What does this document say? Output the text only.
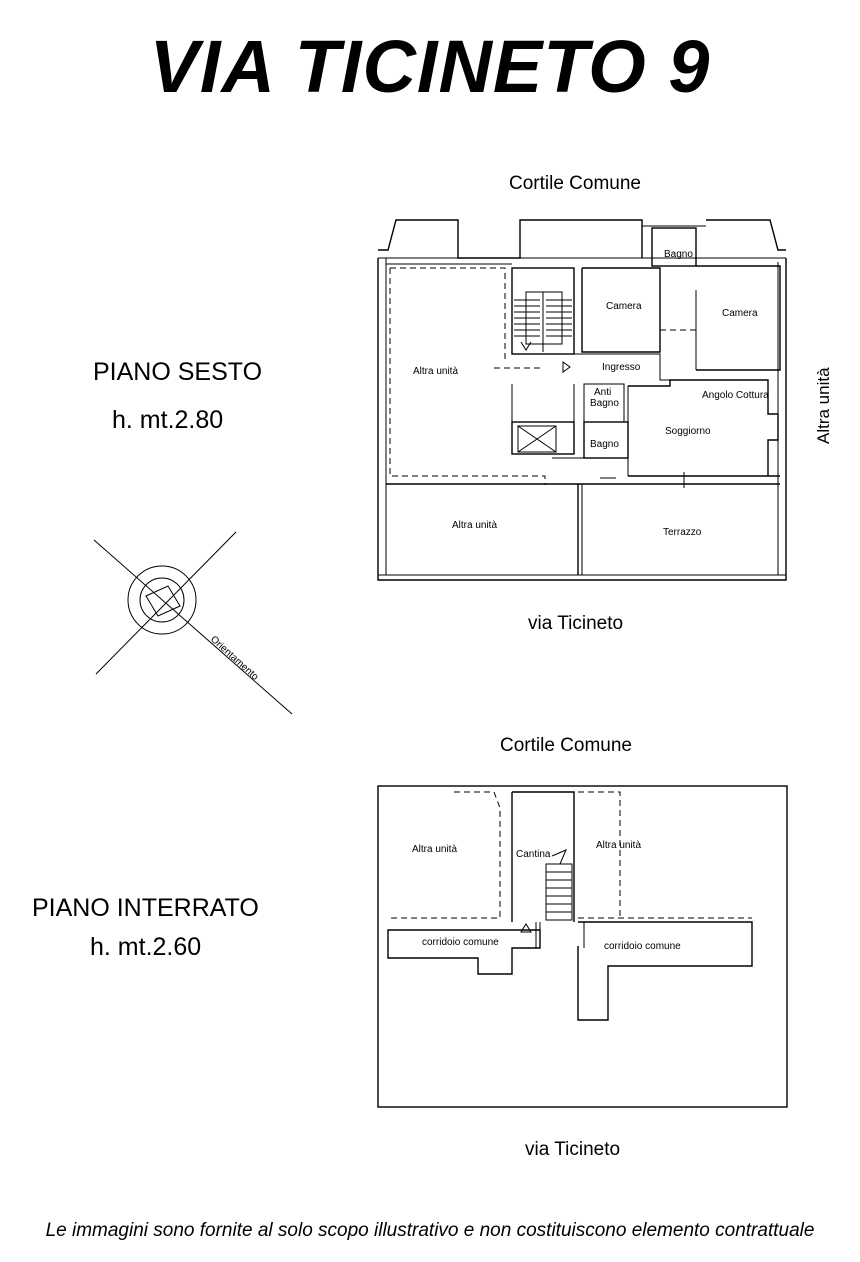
VIA TICINETO 9
Cortile Comune
PIANO SESTO
h. mt.2.80
via Ticineto
Cortile Comune
PIANO INTERRATO
h. mt.2.60
via Ticineto
Le immagini sono fornite al solo scopo illustrativo e non costituiscono elemento contrattuale
Bagno
Camera
Camera
Altra unità	Ingresso
Anti
Bagno
Angolo Cottura
Soggiorno
Bagno
Altra unità
Terrazzo
Altra unità
Orientamento
Altra unità	Cantina
Altra unità
corridoio comune	corridoio comune
